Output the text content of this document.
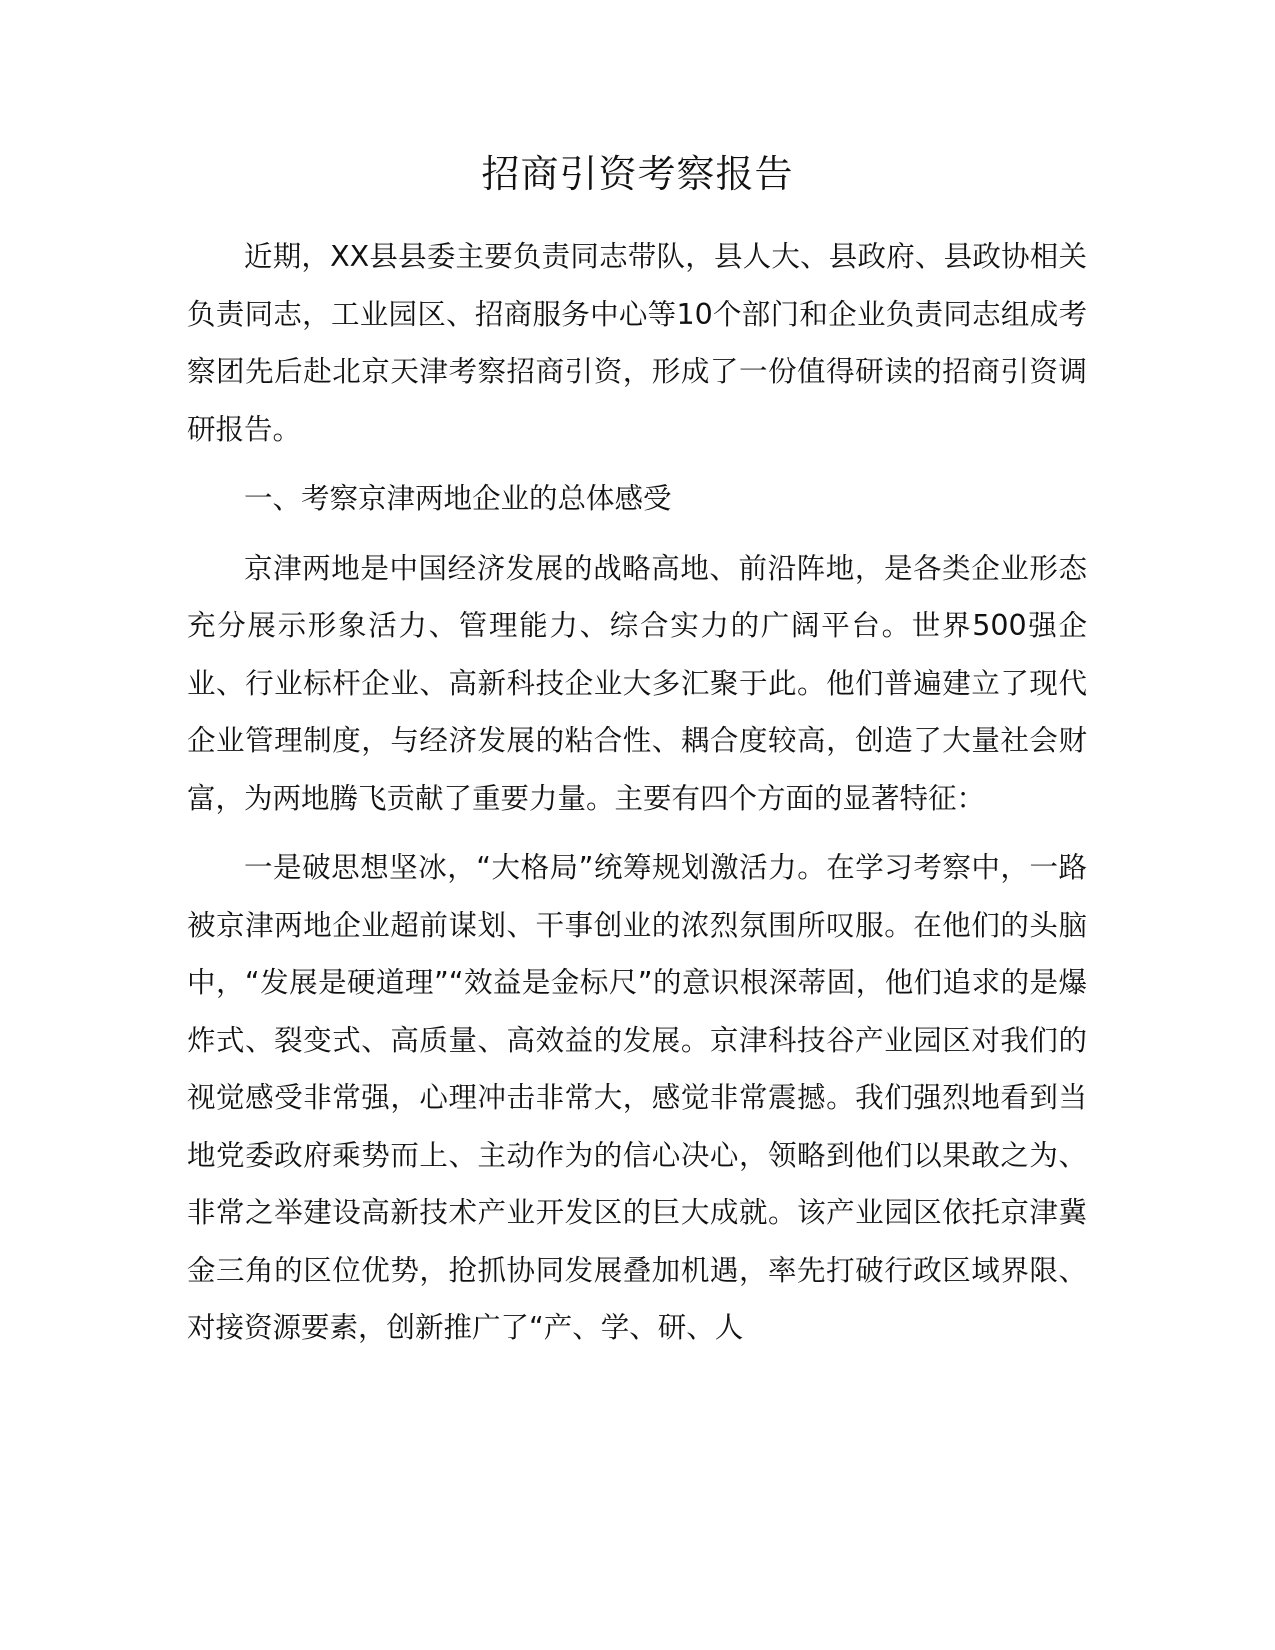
招商引资考察报告

近期，XX县县委主要负责同志带队，县人大、县政府、县政协相关负责同志，工业园区、招商服务中心等10个部门和企业负责同志组成考察团先后赴北京天津考察招商引资，形成了一份值得研读的招商引资调研报告。

一、考察京津两地企业的总体感受

京津两地是中国经济发展的战略高地、前沿阵地，是各类企业形态充分展示形象活力、管理能力、综合实力的广阔平台。世界500强企业、行业标杆企业、高新科技企业大多汇聚于此。他们普遍建立了现代企业管理制度，与经济发展的粘合性、耦合度较高，创造了大量社会财富，为两地腾飞贡献了重要力量。主要有四个方面的显著特征：

一是破思想坚冰，“大格局”统筹规划激活力。在学习考察中，一路被京津两地企业超前谋划、干事创业的浓烈氛围所叹服。在他们的头脑中，“发展是硬道理”“效益是金标尺”的意识根深蒂固，他们追求的是爆炸式、裂变式、高质量、高效益的发展。京津科技谷产业园区对我们的视觉感受非常强，心理冲击非常大，感觉非常震撼。我们强烈地看到当地党委政府乘势而上、主动作为的信心决心，领略到他们以果敢之为、非常之举建设高新技术产业开发区的巨大成就。该产业园区依托京津冀金三角的区位优势，抢抓协同发展叠加机遇，率先打破行政区域界限、对接资源要素，创新推广了“产、学、研、人
